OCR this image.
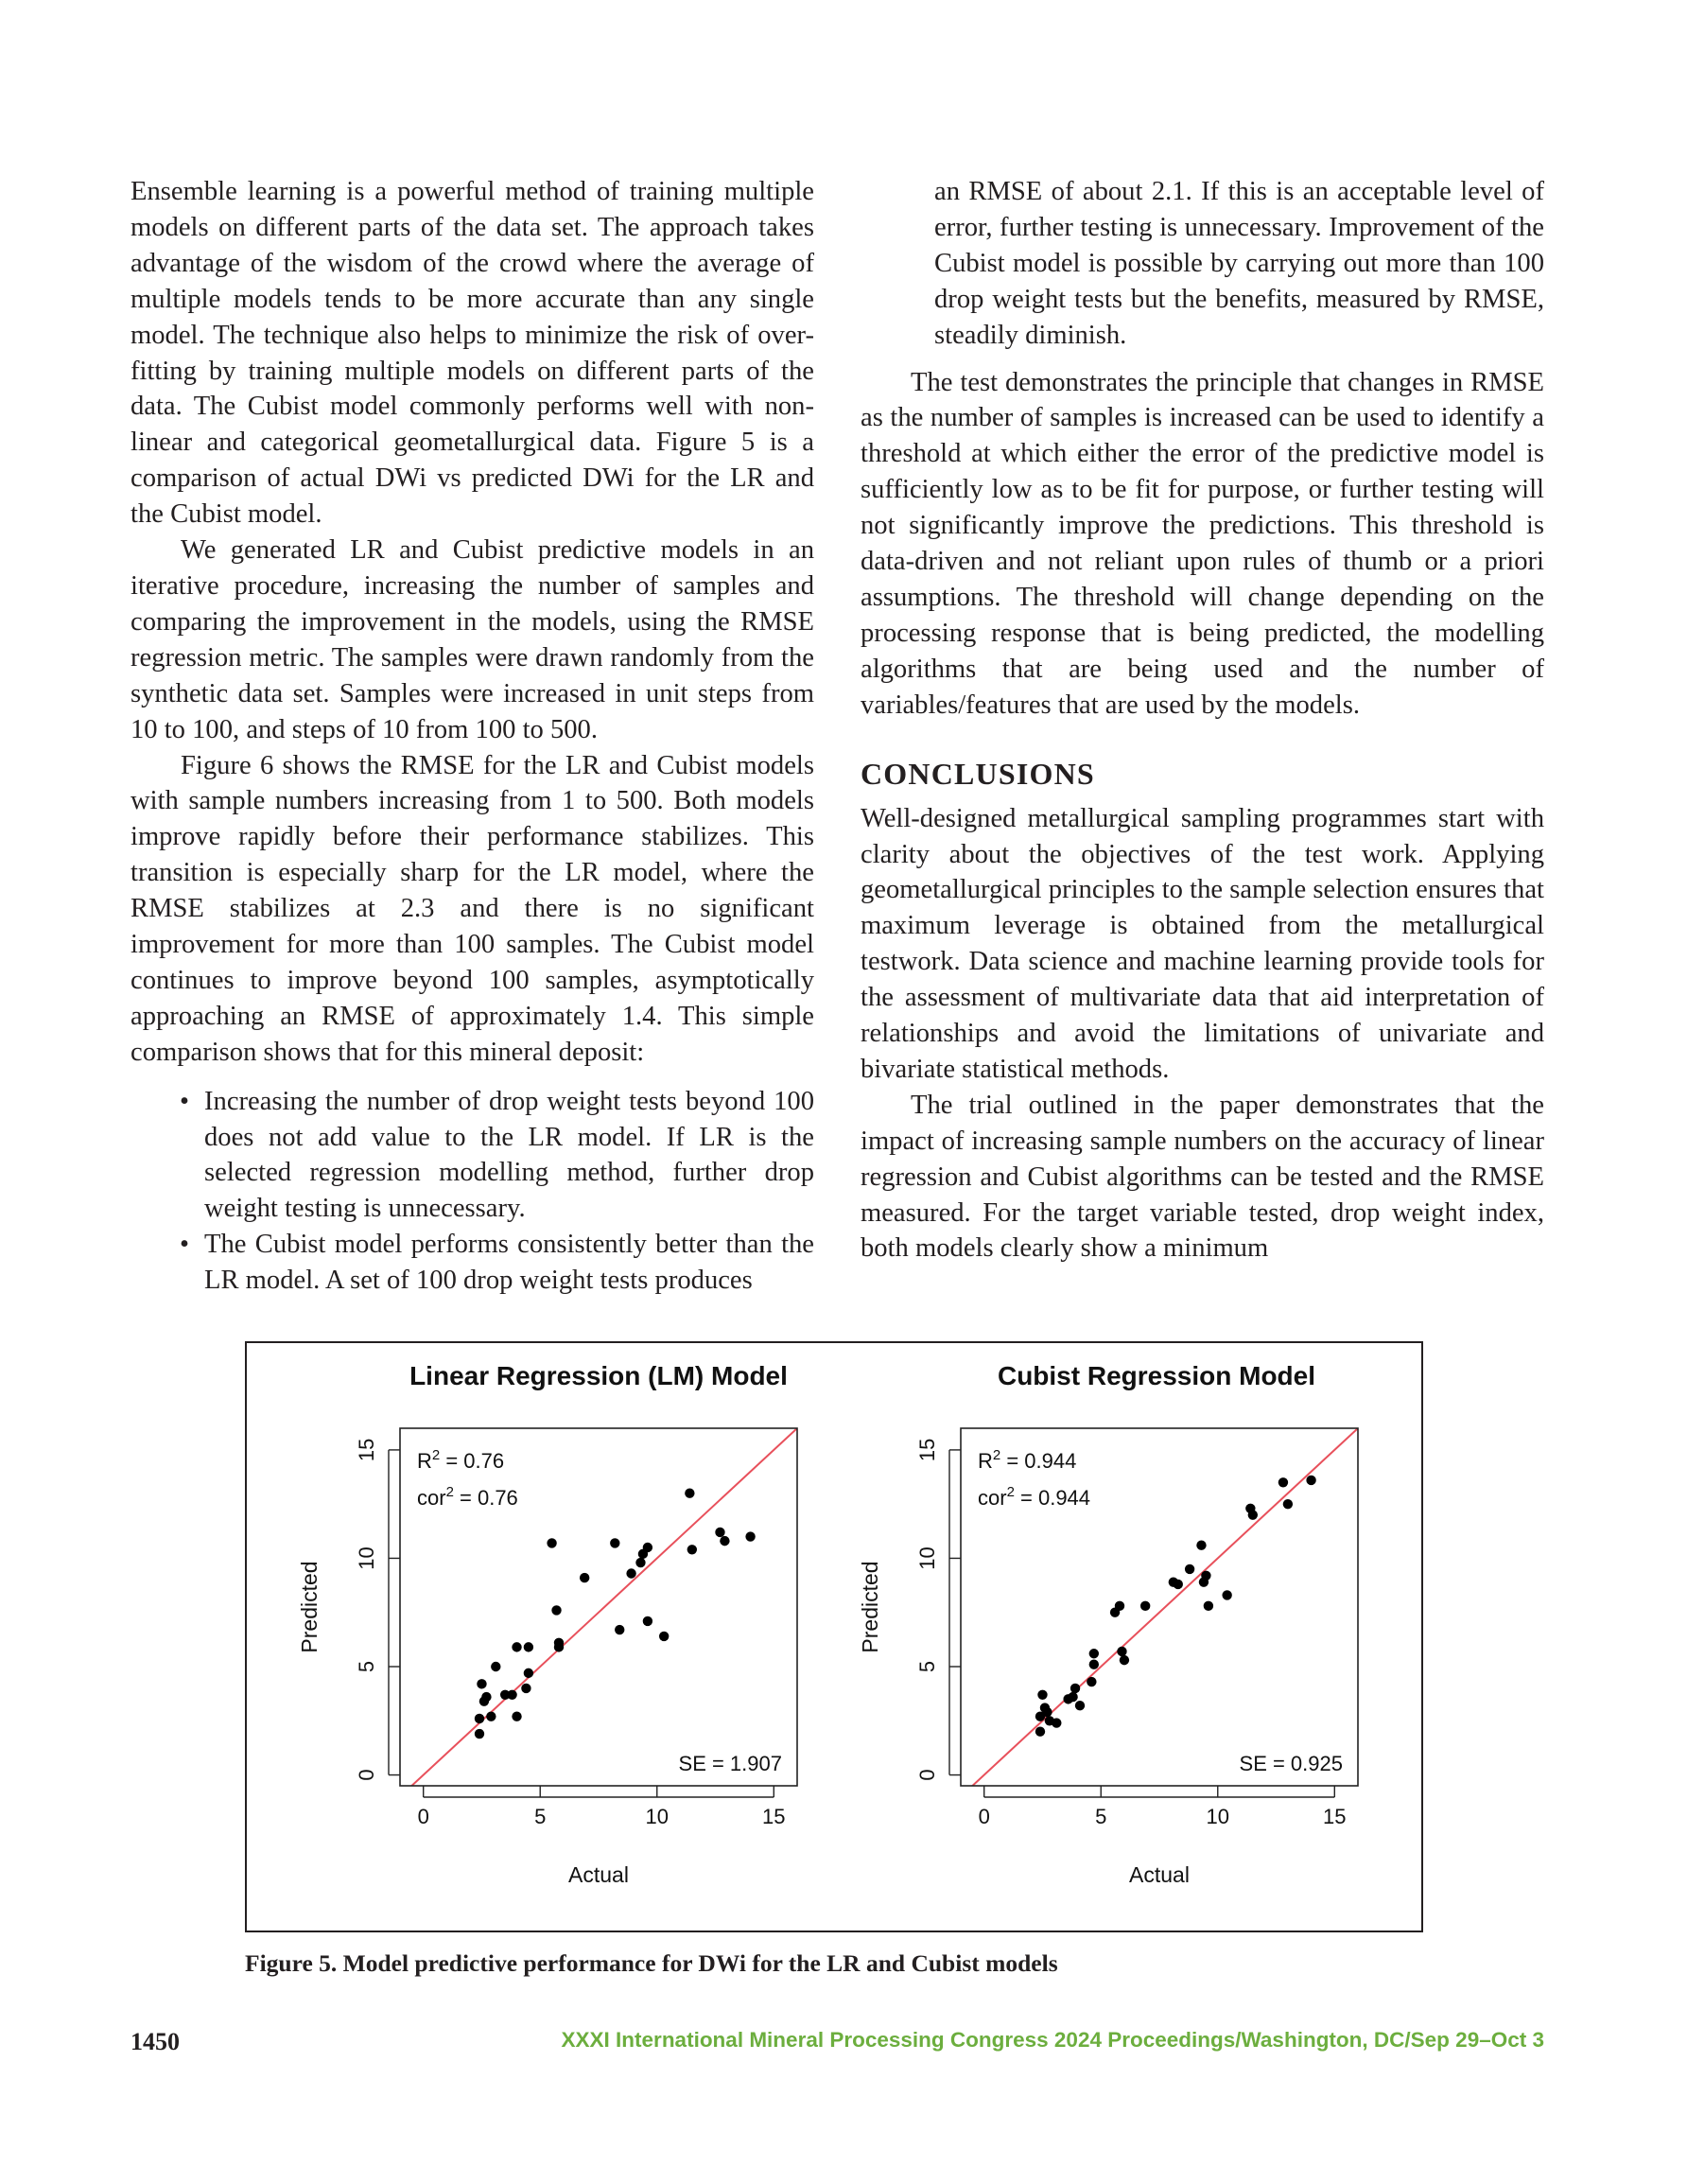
Ensemble learning is a powerful method of training multiple models on different parts of the data set. The approach takes advantage of the wisdom of the crowd where the average of multiple models tends to be more accurate than any single model. The technique also helps to minimize the risk of over-fitting by training multiple models on different parts of the data. The Cubist model commonly performs well with non-linear and categorical geometallurgical data. Figure 5 is a comparison of actual DWi vs predicted DWi for the LR and the Cubist model.

We generated LR and Cubist predictive models in an iterative procedure, increasing the number of samples and comparing the improvement in the models, using the RMSE regression metric. The samples were drawn randomly from the synthetic data set. Samples were increased in unit steps from 10 to 100, and steps of 10 from 100 to 500.

Figure 6 shows the RMSE for the LR and Cubist models with sample numbers increasing from 1 to 500. Both models improve rapidly before their performance stabilizes. This transition is especially sharp for the LR model, where the RMSE stabilizes at 2.3 and there is no significant improvement for more than 100 samples. The Cubist model continues to improve beyond 100 samples, asymptotically approaching an RMSE of approximately 1.4. This simple comparison shows that for this mineral deposit:

• Increasing the number of drop weight tests beyond 100 does not add value to the LR model. If LR is the selected regression modelling method, further drop weight testing is unnecessary.
• The Cubist model performs consistently better than the LR model. A set of 100 drop weight tests produces

an RMSE of about 2.1. If this is an acceptable level of error, further testing is unnecessary. Improvement of the Cubist model is possible by carrying out more than 100 drop weight tests but the benefits, measured by RMSE, steadily diminish.

The test demonstrates the principle that changes in RMSE as the number of samples is increased can be used to identify a threshold at which either the error of the predictive model is sufficiently low as to be fit for purpose, or further testing will not significantly improve the predictions. This threshold is data-driven and not reliant upon rules of thumb or a priori assumptions. The threshold will change depending on the processing response that is being predicted, the modelling algorithms that are being used and the number of variables/features that are used by the models.

CONCLUSIONS

Well-designed metallurgical sampling programmes start with clarity about the objectives of the test work. Applying geometallurgical principles to the sample selection ensures that maximum leverage is obtained from the metallurgical testwork. Data science and machine learning provide tools for the assessment of multivariate data that aid interpretation of relationships and avoid the limitations of univariate and bivariate statistical methods.

The trial outlined in the paper demonstrates that the impact of increasing sample numbers on the accuracy of linear regression and Cubist algorithms can be tested and the RMSE measured. For the target variable tested, drop weight index, both models clearly show a minimum

Linear Regression (LM) Model
0	5	10	15
0
5
10
15
Actual
Predicted
$R^2 = 0.76$
cor$^2$ = 0.76
SE = 1.907
Cubist Regression Model
0	5	10	15
0
5
10
15
Actual
Predicted
$R^2 = 0.944$
cor$^2$ = 0.944
SE = 0.925
Figure 5. Model predictive performance for DWi for the LR and Cubist models
1450	XXXI International Mineral Processing Congress 2024 Proceedings/Washington, DC/Sep 29–Oct 3
